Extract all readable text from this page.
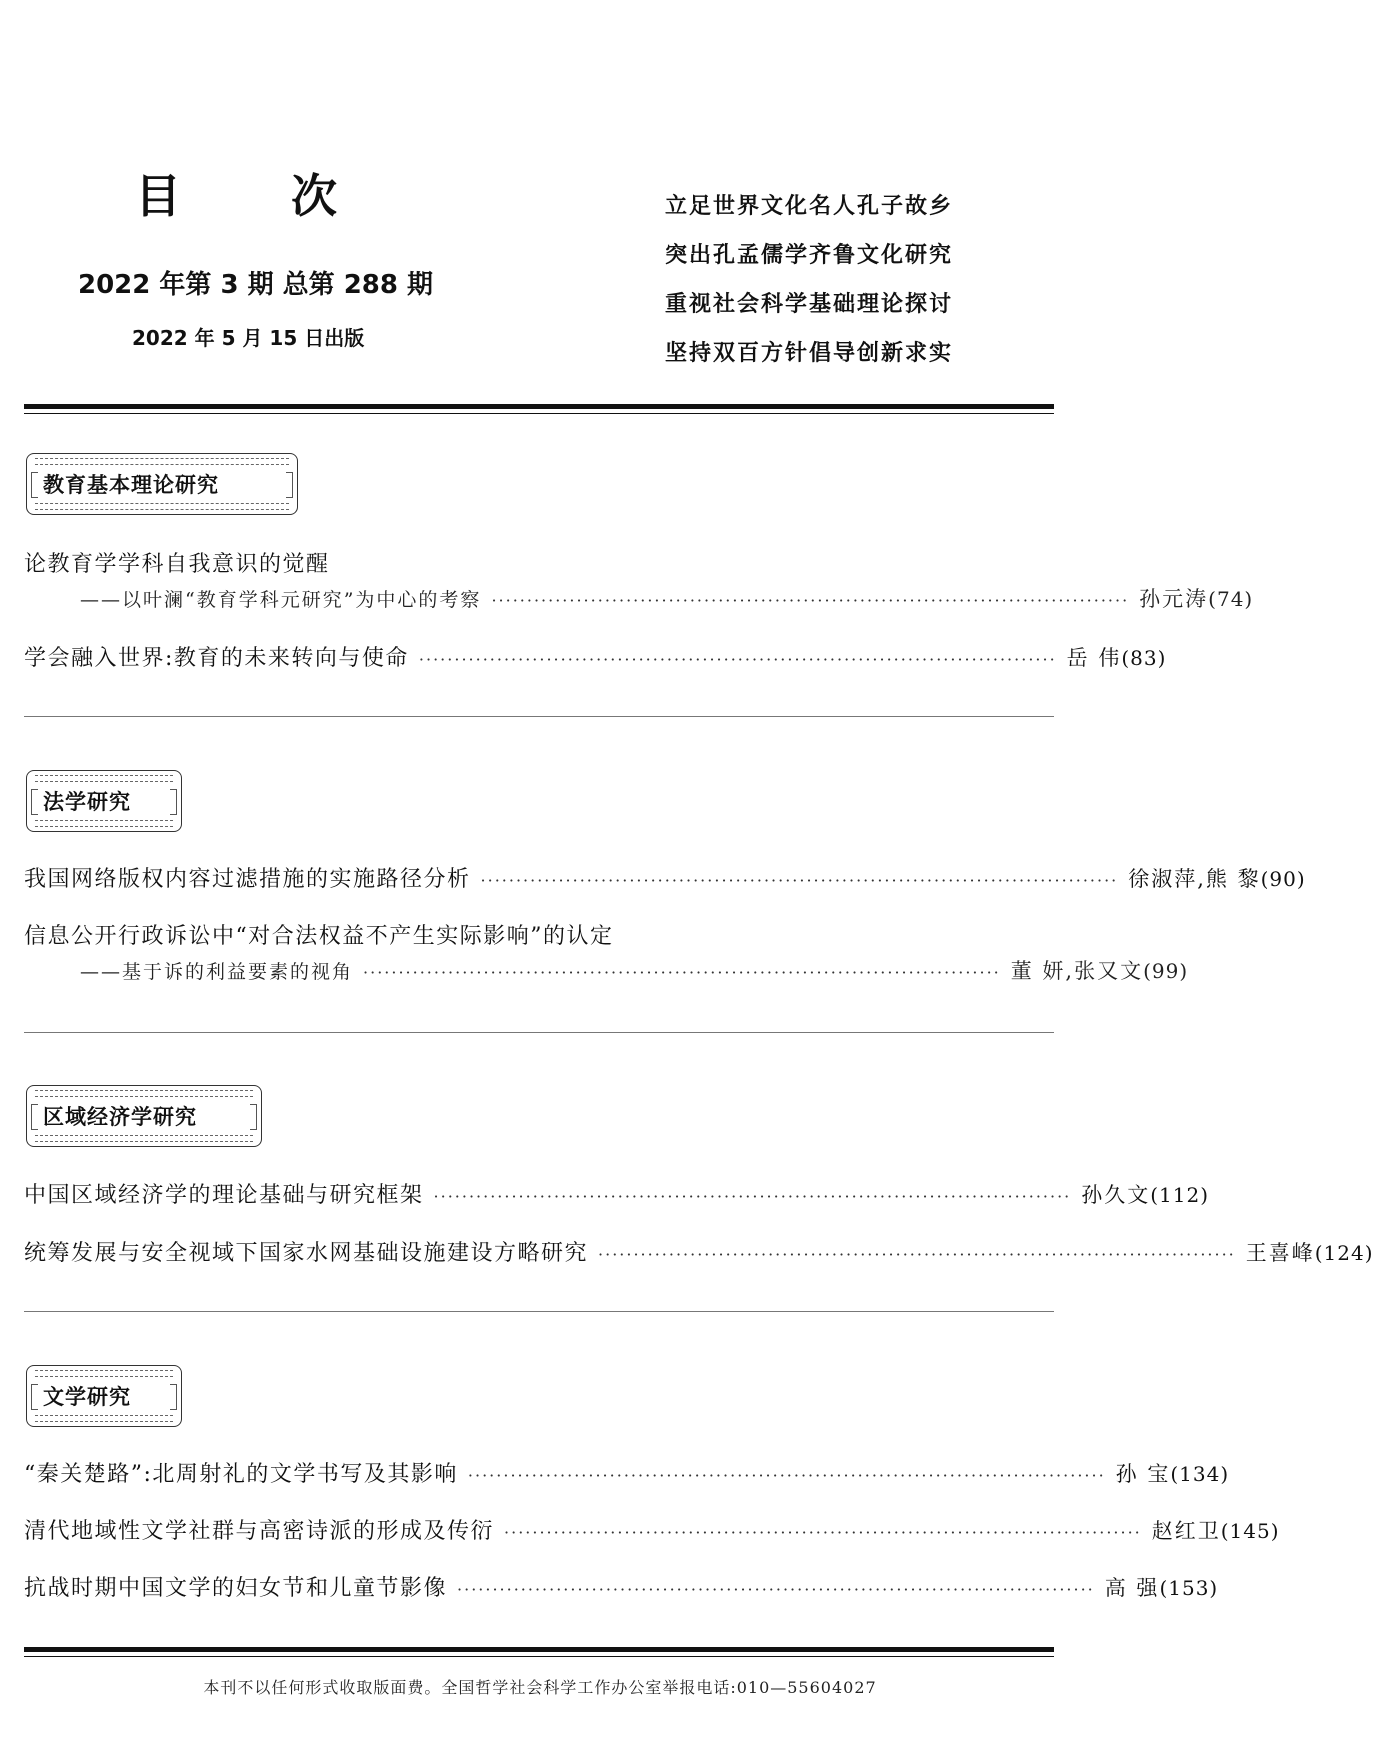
目次
2022 年第 3 期 总第 288 期
2022 年 5 月 15 日出版
立足世界文化名人孔子故乡
突出孔孟儒学齐鲁文化研究
重视社会科学基础理论探讨
坚持双百方针倡导创新求实
教育基本理论研究
论教育学学科自我意识的觉醒
——以叶澜“教育学科元研究”为中心的考察 ·························································································· 孙元涛 (74)
学会融入世界:教育的未来转向与使命 ·························································································· 岳 伟 (83)
法学研究
我国网络版权内容过滤措施的实施路径分析 ·························································································· 徐淑萍,熊 黎 (90)
信息公开行政诉讼中“对合法权益不产生实际影响”的认定
——基于诉的利益要素的视角 ·························································································· 董 妍,张又文 (99)
区域经济学研究
中国区域经济学的理论基础与研究框架 ·························································································· 孙久文 (112)
统筹发展与安全视域下国家水网基础设施建设方略研究 ·························································································· 王喜峰 (124)
文学研究
“秦关楚路”:北周射礼的文学书写及其影响 ·························································································· 孙 宝 (134)
清代地域性文学社群与高密诗派的形成及传衍 ·························································································· 赵红卫 (145)
抗战时期中国文学的妇女节和儿童节影像 ·························································································· 高 强 (153)
本刊不以任何形式收取版面费。全国哲学社会科学工作办公室举报电话:010—55604027
